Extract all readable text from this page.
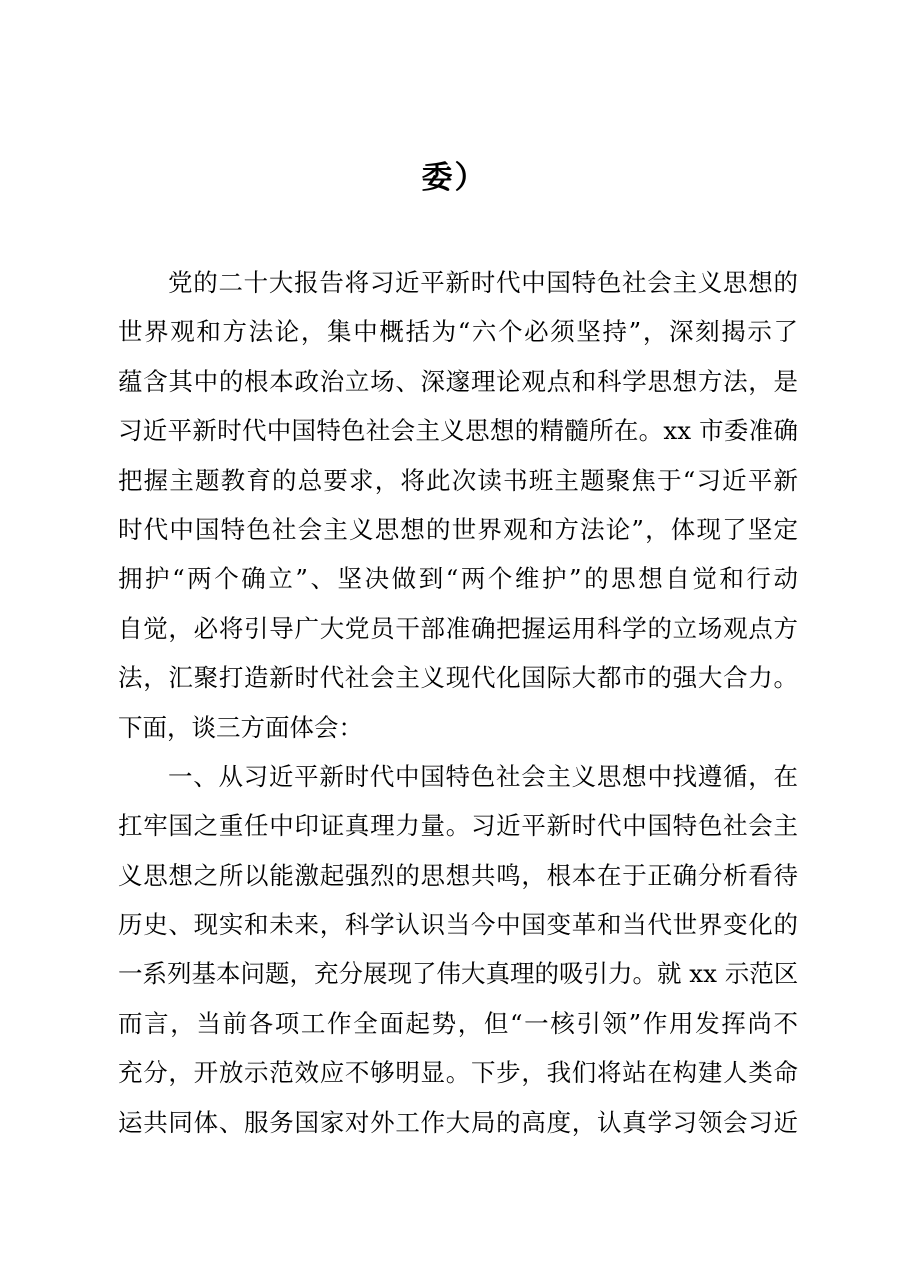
委）
党的二十大报告将习近平新时代中国特色社会主义思想的
世界观和方法论，集中概括为“六个必须坚持”，深刻揭示了
蕴含其中的根本政治立场、深邃理论观点和科学思想方法，是
习近平新时代中国特色社会主义思想的精髓所在。xx 市委准确
把握主题教育的总要求，将此次读书班主题聚焦于“习近平新
时代中国特色社会主义思想的世界观和方法论”，体现了坚定
拥护“两个确立”、坚决做到“两个维护”的思想自觉和行动
自觉，必将引导广大党员干部准确把握运用科学的立场观点方
法，汇聚打造新时代社会主义现代化国际大都市的强大合力。
下面，谈三方面体会：
一、从习近平新时代中国特色社会主义思想中找遵循，在
扛牢国之重任中印证真理力量。习近平新时代中国特色社会主
义思想之所以能激起强烈的思想共鸣，根本在于正确分析看待
历史、现实和未来，科学认识当今中国变革和当代世界变化的
一系列基本问题，充分展现了伟大真理的吸引力。就 xx 示范区
而言，当前各项工作全面起势，但“一核引领”作用发挥尚不
充分，开放示范效应不够明显。下步，我们将站在构建人类命
运共同体、服务国家对外工作大局的高度，认真学习领会习近
